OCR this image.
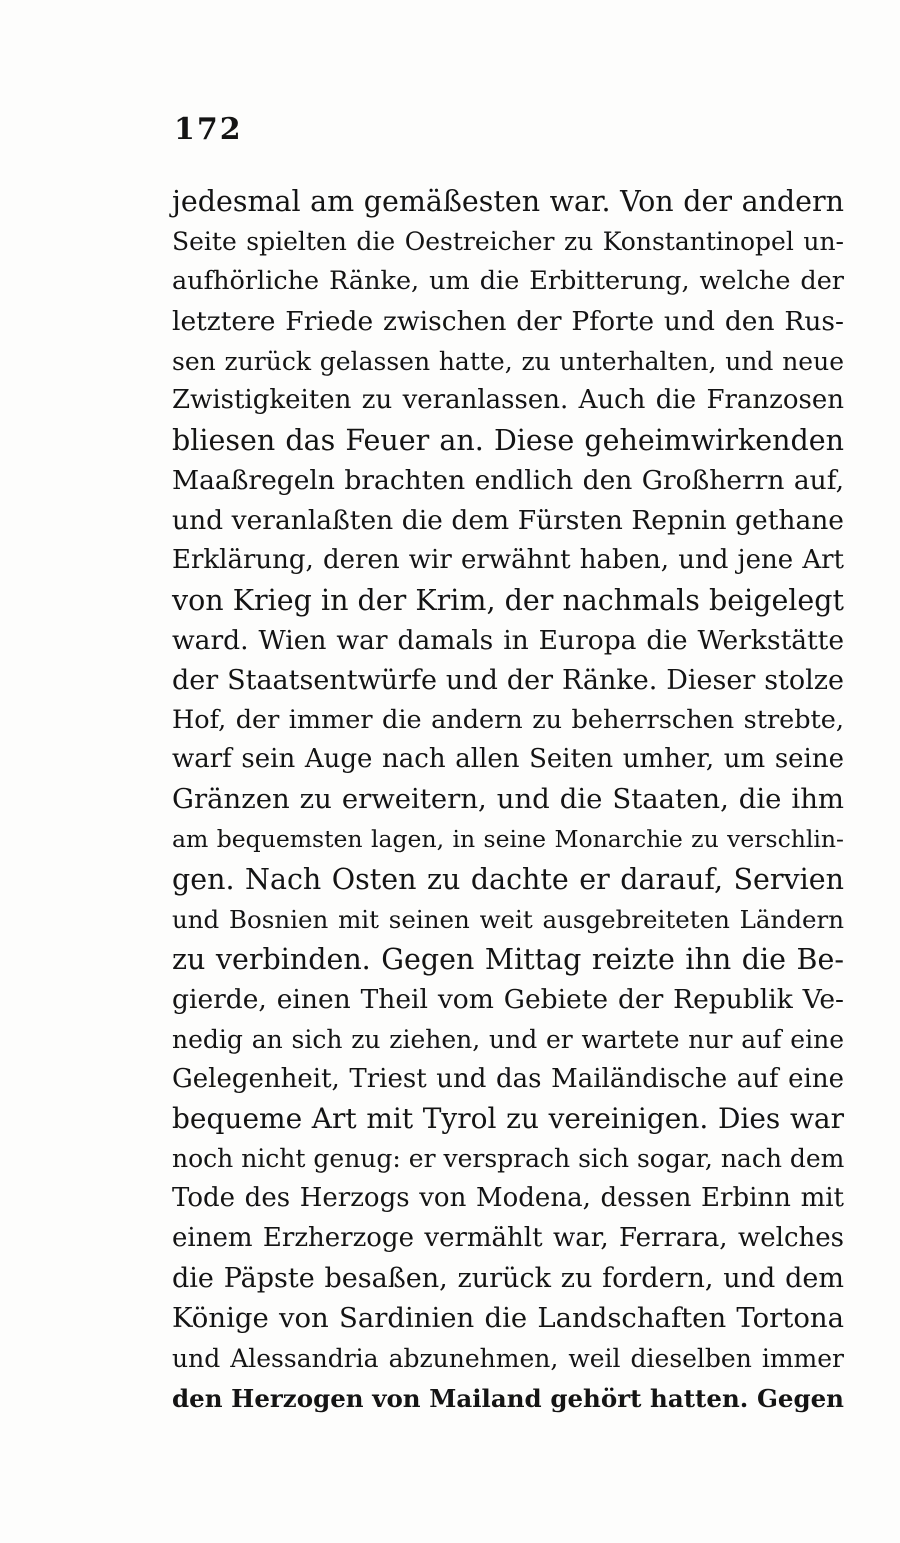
172
jedesmal am gemäßesten war. Von der andern
Seite spielten die Oestreicher zu Konstantinopel un-
aufhörliche Ränke, um die Erbitterung, welche der
letztere Friede zwischen der Pforte und den Rus-
sen zurück gelassen hatte, zu unterhalten, und neue
Zwistigkeiten zu veranlassen. Auch die Franzosen
bliesen das Feuer an. Diese geheimwirkenden
Maaßregeln brachten endlich den Großherrn auf,
und veranlaßten die dem Fürsten Repnin gethane
Erklärung, deren wir erwähnt haben, und jene Art
von Krieg in der Krim, der nachmals beigelegt
ward. Wien war damals in Europa die Werkstätte
der Staatsentwürfe und der Ränke. Dieser stolze
Hof, der immer die andern zu beherrschen strebte,
warf sein Auge nach allen Seiten umher, um seine
Gränzen zu erweitern, und die Staaten, die ihm
am bequemsten lagen, in seine Monarchie zu verschlin-
gen. Nach Osten zu dachte er darauf, Servien
und Bosnien mit seinen weit ausgebreiteten Ländern
zu verbinden. Gegen Mittag reizte ihn die Be-
gierde, einen Theil vom Gebiete der Republik Ve-
nedig an sich zu ziehen, und er wartete nur auf eine
Gelegenheit, Triest und das Mailändische auf eine
bequeme Art mit Tyrol zu vereinigen. Dies war
noch nicht genug: er versprach sich sogar, nach dem
Tode des Herzogs von Modena, dessen Erbinn mit
einem Erzherzoge vermählt war, Ferrara, welches
die Päpste besaßen, zurück zu fordern, und dem
Könige von Sardinien die Landschaften Tortona
und Alessandria abzunehmen, weil dieselben immer
den Herzogen von Mailand gehört hatten. Gegen
